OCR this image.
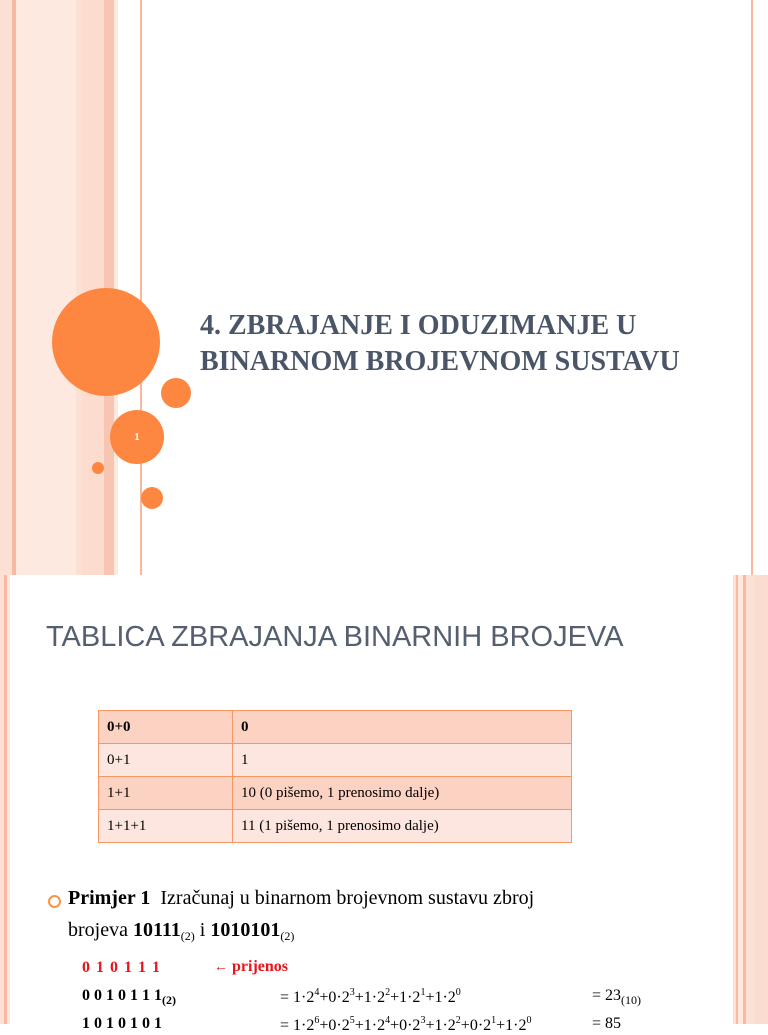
1
4. ZBRAJANJE I ODUZIMANJE U BINARNOM BROJEVNOM SUSTAVU
TABLICA ZBRAJANJA BINARNIH BROJEVA
0+0	0
0+1	1
1+1	10 (0 pišemo, 1 prenosimo dalje)
1+1+1	11 (1 pišemo, 1 prenosimo dalje)
Primjer 1 Izračunaj u binarnom brojevnom sustavu zbroj
brojeva $10111_{(2)}$ i $1010101_{(2)}$
0 1 0 1 1 1	← prijenos
0 0 1 0 1 1 $1_{(2)}$	= $1\cdot 2^4+0\cdot 2^3+1\cdot 2^2+1\cdot 2^1+1\cdot 2^0$	= $23_{(10)}$
1 0 1 0 1 0 1	= $1\cdot 2^6+0\cdot 2^5+1\cdot 2^4+0\cdot 2^3+1\cdot 2^2+0\cdot 2^1+1\cdot 2^0$	= 85
